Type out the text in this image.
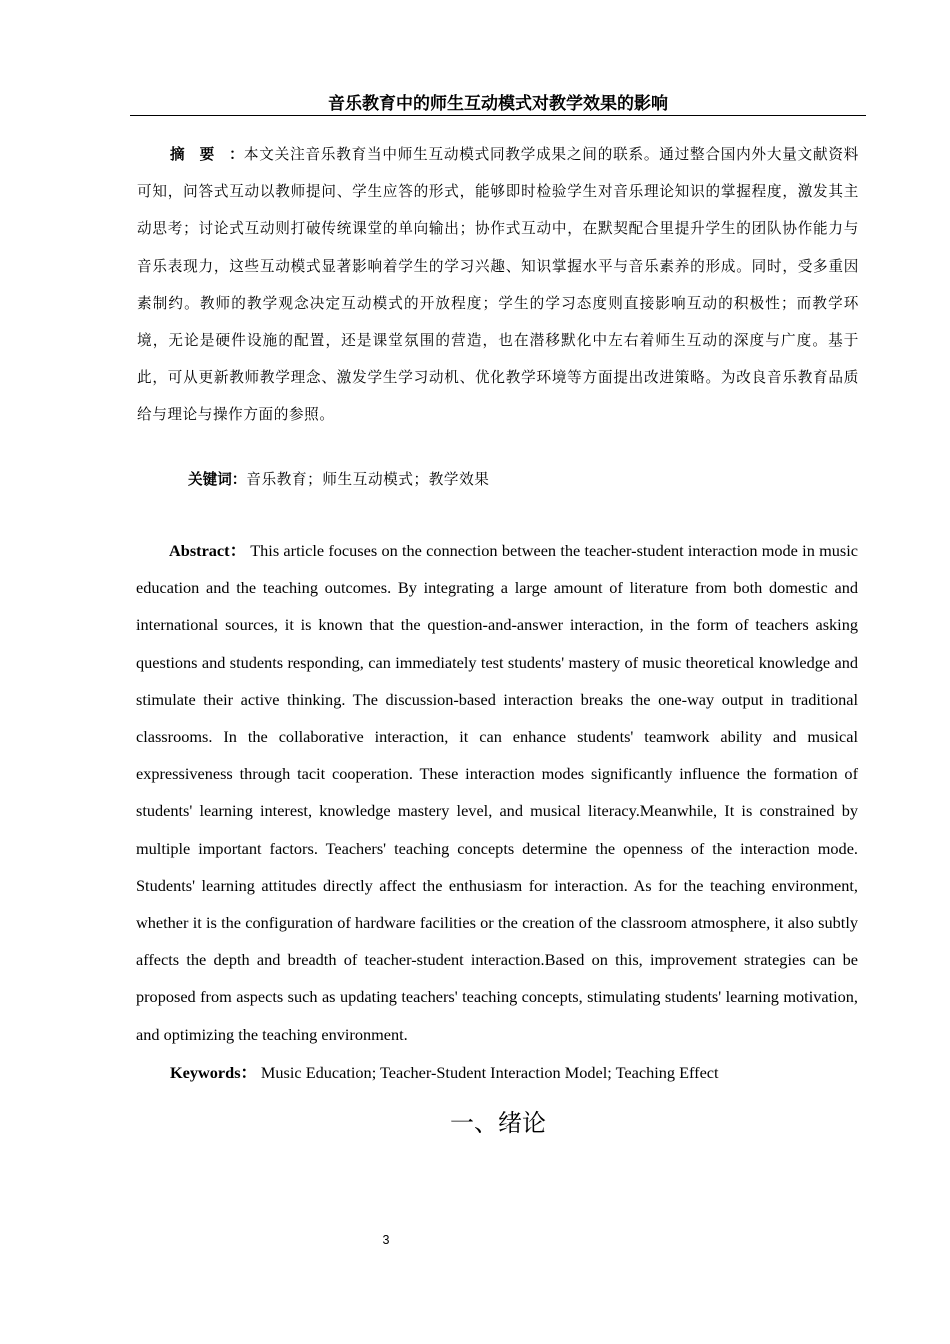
音乐教育中的师生互动模式对教学效果的影响

摘　要　：本文关注音乐教育当中师生互动模式同教学成果之间的联系。通过整合国内外大量文献资料可知，问答式互动以教师提问、学生应答的形式，能够即时检验学生对音乐理论知识的掌握程度，激发其主动思考；讨论式互动则打破传统课堂的单向输出；协作式互动中，在默契配合里提升学生的团队协作能力与音乐表现力，这些互动模式显著影响着学生的学习兴趣、知识掌握水平与音乐素养的形成。同时，受多重因素制约。教师的教学观念决定互动模式的开放程度；学生的学习态度则直接影响互动的积极性；而教学环境，无论是硬件设施的配置，还是课堂氛围的营造，也在潜移默化中左右着师生互动的深度与广度。基于此，可从更新教师教学理念、激发学生学习动机、优化教学环境等方面提出改进策略。为改良音乐教育品质给与理论与操作方面的参照。

关键词：音乐教育；师生互动模式；教学效果

Abstract： This article focuses on the connection between the teacher-student interaction mode in music education and the teaching outcomes. By integrating a large amount of literature from both domestic and international sources, it is known that the question-and-answer interaction, in the form of teachers asking questions and students responding, can immediately test students' mastery of music theoretical knowledge and stimulate their active thinking. The discussion-based interaction breaks the one-way output in traditional classrooms. In the collaborative interaction, it can enhance students' teamwork ability and musical expressiveness through tacit cooperation. These interaction modes significantly influence the formation of students' learning interest, knowledge mastery level, and musical literacy.Meanwhile, It is constrained by multiple important factors. Teachers' teaching concepts determine the openness of the interaction mode. Students' learning attitudes directly affect the enthusiasm for interaction. As for the teaching environment, whether it is the configuration of hardware facilities or the creation of the classroom atmosphere, it also subtly affects the depth and breadth of teacher-student interaction.Based on this, improvement strategies can be proposed from aspects such as updating teachers' teaching concepts, stimulating students' learning motivation, and optimizing the teaching environment.

Keywords： Music Education; Teacher-Student Interaction Model; Teaching Effect

一、绪论
3
